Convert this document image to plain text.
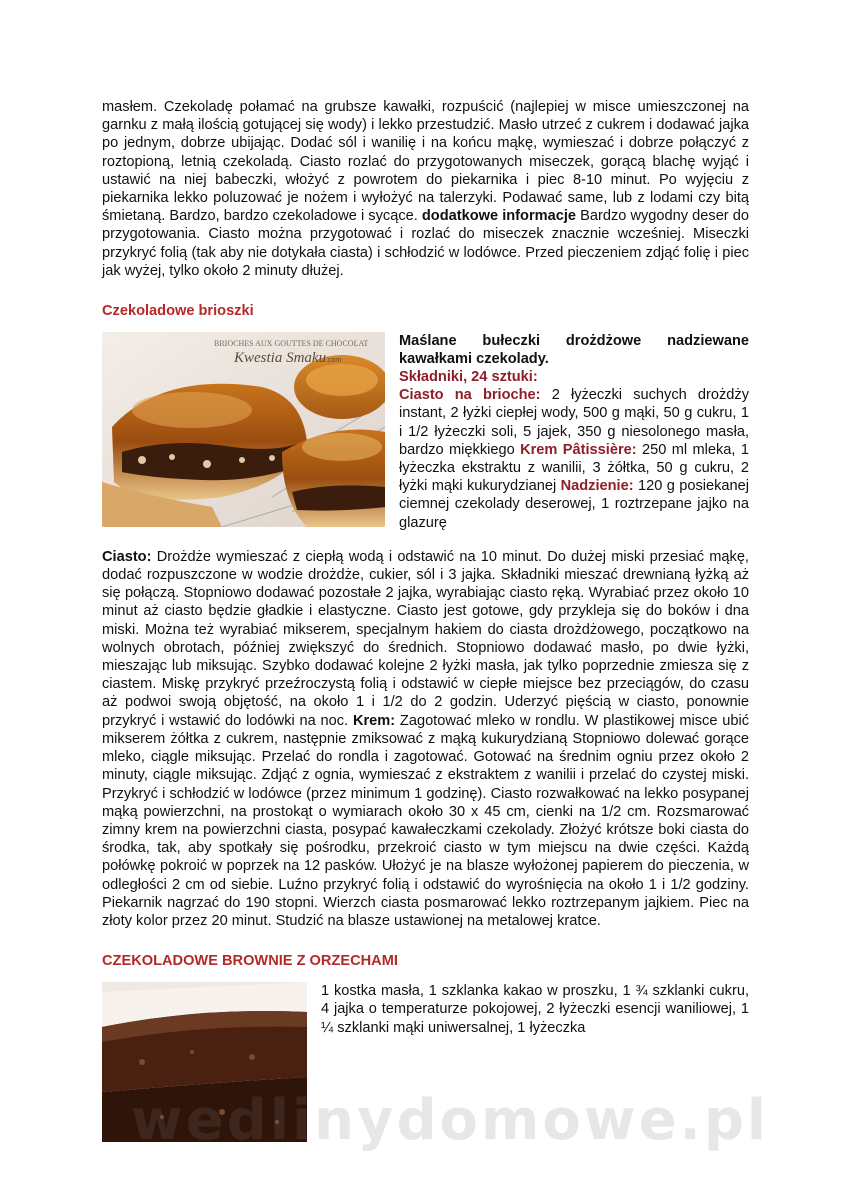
masłem. Czekoladę połamać na grubsze kawałki, rozpuścić (najlepiej w misce umieszczonej na garnku z małą ilością gotującej się wody) i lekko przestudzić. Masło utrzeć z cukrem i dodawać jajka po jednym, dobrze ubijając. Dodać sól i wanilię i na końcu mąkę, wymieszać i dobrze połączyć z roztopioną, letnią czekoladą. Ciasto rozlać do przygotowanych miseczek, gorącą blachę wyjąć i ustawić na niej babeczki, włożyć z powrotem do piekarnika i piec 8-10 minut. Po wyjęciu z piekarnika lekko poluzować je nożem i wyłożyć na talerzyki. Podawać same, lub z lodami czy bitą śmietaną. Bardzo, bardzo czekoladowe i sycące. dodatkowe informacje Bardzo wygodny deser do przygotowania. Ciasto można przygotować i rozlać do miseczek znacznie wcześniej. Miseczki przykryć folią (tak aby nie dotykała ciasta) i schłodzić w lodówce. Przed pieczeniem zdjąć folię i piec jak wyżej, tylko około 2 minuty dłużej.

Czekoladowe brioszki
BRIOCHES AUX GOUTTES DE CHOCOLAT
Kwestia Smaku .com

Maślane bułeczki drożdżowe nadziewane kawałkami czekolady.

Składniki, 24 sztuki:
Ciasto na brioche: 2 łyżeczki suchych drożdży instant, 2 łyżki ciepłej wody, 500 g mąki, 50 g cukru, 1 i 1/2 łyżeczki soli, 5 jajek, 350 g niesolonego masła, bardzo miękkiego Krem Pâtissière: 250 ml mleka, 1 łyżeczka ekstraktu z wanilii, 3 żółtka, 50 g cukru, 2 łyżki mąki kukurydzianej Nadzienie: 120 g posiekanej ciemnej czekolady deserowej, 1 roztrzepane jajko na glazurę

Ciasto: Drożdże wymieszać z ciepłą wodą i odstawić na 10 minut. Do dużej miski przesiać mąkę, dodać rozpuszczone w wodzie drożdże, cukier, sól i 3 jajka. Składniki mieszać drewnianą łyżką aż się połączą. Stopniowo dodawać pozostałe 2 jajka, wyrabiając ciasto ręką. Wyrabiać przez około 10 minut aż ciasto będzie gładkie i elastyczne. Ciasto jest gotowe, gdy przykleja się do boków i dna miski. Można też wyrabiać mikserem, specjalnym hakiem do ciasta drożdżowego, początkowo na wolnych obrotach, później zwiększyć do średnich. Stopniowo dodawać masło, po dwie łyżki, mieszając lub miksując. Szybko dodawać kolejne 2 łyżki masła, jak tylko poprzednie zmiesza się z ciastem. Miskę przykryć przeźroczystą folią i odstawić w ciepłe miejsce bez przeciągów, do czasu aż podwoi swoją objętość, na około 1 i 1/2 do 2 godzin. Uderzyć pięścią w ciasto, ponownie przykryć i wstawić do lodówki na noc. Krem: Zagotować mleko w rondlu. W plastikowej misce ubić mikserem żółtka z cukrem, następnie zmiksować z mąką kukurydzianą Stopniowo dolewać gorące mleko, ciągle miksując. Przelać do rondla i zagotować. Gotować na średnim ogniu przez około 2 minuty, ciągle miksując. Zdjąć z ognia, wymieszać z ekstraktem z wanilii i przelać do czystej miski. Przykryć i schłodzić w lodówce (przez minimum 1 godzinę). Ciasto rozwałkować na lekko posypanej mąką powierzchni, na prostokąt o wymiarach około 30 x 45 cm, cienki na 1/2 cm. Rozsmarować zimny krem na powierzchni ciasta, posypać kawałeczkami czekolady. Złożyć krótsze boki ciasta do środka, tak, aby spotkały się pośrodku, przekroić ciasto w tym miejscu na dwie części. Każdą połówkę pokroić w poprzek na 12 pasków. Ułożyć je na blasze wyłożonej papierem do pieczenia, w odległości 2 cm od siebie. Luźno przykryć folią i odstawić do wyrośnięcia na około 1 i 1/2 godziny. Piekarnik nagrzać do 190 stopni. Wierzch ciasta posmarować lekko roztrzepanym jajkiem. Piec na złoty kolor przez 20 minut. Studzić na blasze ustawionej na metalowej kratce.

CZEKOLADOWE BROWNIE Z ORZECHAMI

1 kostka masła, 1 szklanka kakao w proszku, 1 ¾ szklanki cukru, 4 jajka o temperaturze pokojowej, 2 łyżeczki esencji waniliowej, 1 ¼ szklanki mąki uniwersalnej, 1 łyżeczka

wedlinydomowe.pl
